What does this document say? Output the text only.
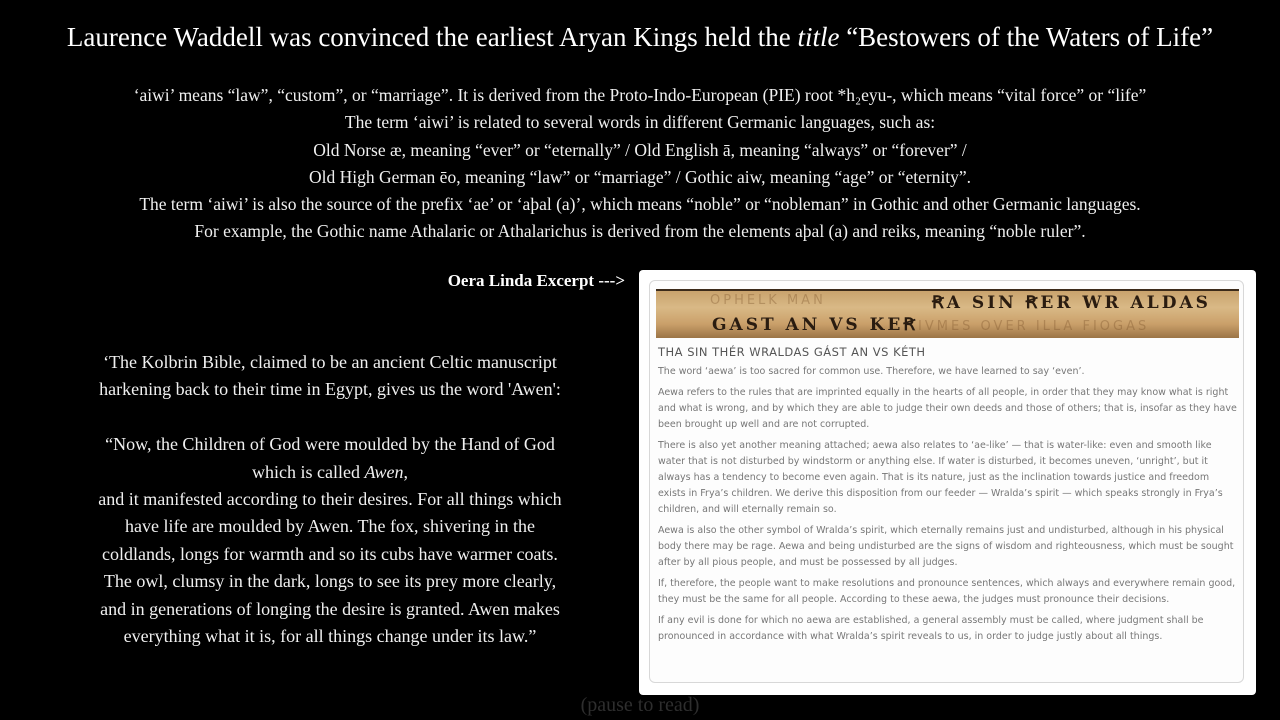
Laurence Waddell was convinced the earliest Aryan Kings held the title “Bestowers of the Waters of Life”
‘aiwi’ means “law”, “custom”, or “marriage”. It is derived from the Proto-Indo-European (PIE) root *h₂eyu-, which means “vital force” or “life”
The term ‘aiwi’ is related to several words in different Germanic languages, such as:
Old Norse æ, meaning “ever” or “eternally” / Old English ā, meaning “always” or “forever” /
Old High German ēo, meaning “law” or “marriage” / Gothic aiw, meaning “age” or “eternity”.
The term ‘aiwi’ is also the source of the prefix ‘ae’ or ‘aþal (a)’, which means “noble” or “nobleman” in Gothic and other Germanic languages.
For example, the Gothic name Athalaric or Athalarichus is derived from the elements aþal (a) and reiks, meaning “noble ruler”.
Oera Linda Excerpt --->
‘The Kolbrin Bible, claimed to be an ancient Celtic manuscript
harkening back to their time in Egypt, gives us the word 'Awen':
“Now, the Children of God were moulded by the Hand of God
which is called Awen,
and it manifested according to their desires. For all things which
have life are moulded by Awen. The fox, shivering in the
coldlands, longs for warmth and so its cubs have warmer coats.
The owl, clumsy in the dark, longs to see its prey more clearly,
and in generations of longing the desire is granted. Awen makes
everything what it is, for all things change under its law.”
OPHELK MAN	ꞦA SIN ꞦER WR ALDAS
GAST AN VS KEꞦ IVMES OVER ILLA FIOGAS
THA SIN THÉR WRALDAS GÁST AN VS KÉTH

The word ‘aewa’ is too sacred for common use. Therefore, we have learned to say ‘even’.

Aewa refers to the rules that are imprinted equally in the hearts of all people, in order that they may know what is right and what is wrong, and by which they are able to judge their own deeds and those of others; that is, insofar as they have been brought up well and are not corrupted.

There is also yet another meaning attached; aewa also relates to ‘ae-like’ — that is water-like: even and smooth like water that is not disturbed by windstorm or anything else. If water is disturbed, it becomes uneven, ‘unright’, but it always has a tendency to become even again. That is its nature, just as the inclination towards justice and freedom exists in Frya’s children. We derive this disposition from our feeder — Wralda’s spirit — which speaks strongly in Frya’s children, and will eternally remain so.

Aewa is also the other symbol of Wralda’s spirit, which eternally remains just and undisturbed, although in his physical body there may be rage. Aewa and being undisturbed are the signs of wisdom and righteousness, which must be sought after by all pious people, and must be possessed by all judges.

If, therefore, the people want to make resolutions and pronounce sentences, which always and everywhere remain good, they must be the same for all people. According to these aewa, the judges must pronounce their decisions.

If any evil is done for which no aewa are established, a general assembly must be called, where judgment shall be pronounced in accordance with what Wralda’s spirit reveals to us, in order to judge justly about all things.

(pause to read)
